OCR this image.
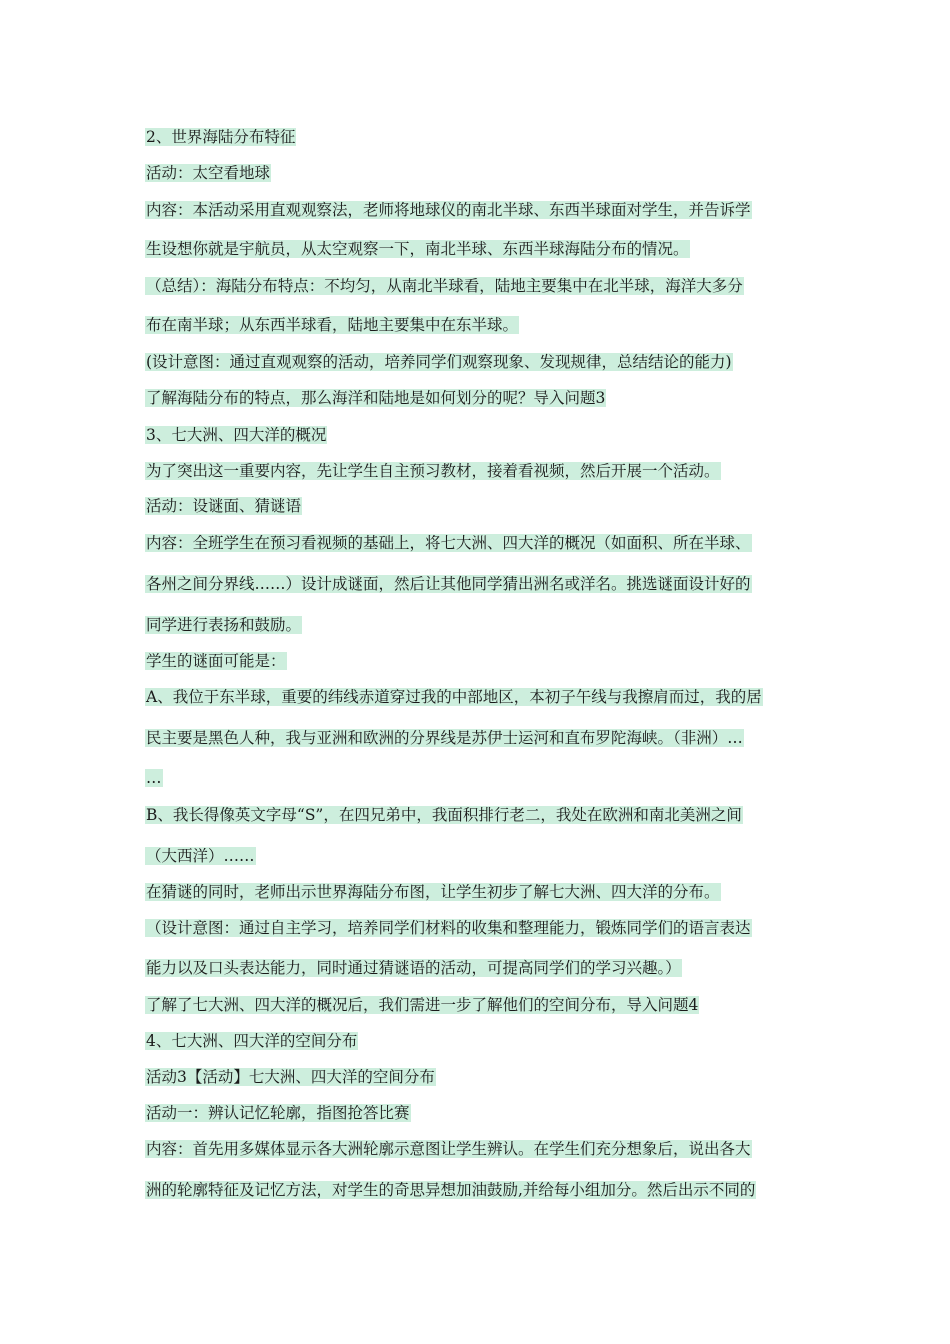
2、世界海陆分布特征
活动：太空看地球
内容：本活动采用直观观察法，老师将地球仪的南北半球、东西半球面对学生，并告诉学
生设想你就是宇航员，从太空观察一下，南北半球、东西半球海陆分布的情况。
（总结）：海陆分布特点：不均匀，从南北半球看，陆地主要集中在北半球，海洋大多分
布在南半球；从东西半球看，陆地主要集中在东半球。
(设计意图：通过直观观察的活动，培养同学们观察现象、发现规律，总结结论的能力)
了解海陆分布的特点，那么海洋和陆地是如何划分的呢？导入问题3
3、七大洲、四大洋的概况
为了突出这一重要内容，先让学生自主预习教材，接着看视频，然后开展一个活动。
活动：设谜面、猜谜语
内容：全班学生在预习看视频的基础上，将七大洲、四大洋的概况（如面积、所在半球、
各州之间分界线……）设计成谜面，然后让其他同学猜出洲名或洋名。挑选谜面设计好的
同学进行表扬和鼓励。
学生的谜面可能是：
A、我位于东半球，重要的纬线赤道穿过我的中部地区，本初子午线与我擦肩而过，我的居
民主要是黑色人种，我与亚洲和欧洲的分界线是苏伊士运河和直布罗陀海峡。（非洲）…
…
B、我长得像英文字母“S”，在四兄弟中，我面积排行老二，我处在欧洲和南北美洲之间
（大西洋）……
在猜谜的同时，老师出示世界海陆分布图，让学生初步了解七大洲、四大洋的分布。
（设计意图：通过自主学习，培养同学们材料的收集和整理能力，锻炼同学们的语言表达
能力以及口头表达能力，同时通过猜谜语的活动，可提高同学们的学习兴趣。）
了解了七大洲、四大洋的概况后，我们需进一步了解他们的空间分布，导入问题4
4、七大洲、四大洋的空间分布
活动3【活动】七大洲、四大洋的空间分布
活动一：辨认记忆轮廓，指图抢答比赛
内容：首先用多媒体显示各大洲轮廓示意图让学生辨认。在学生们充分想象后，说出各大
洲的轮廓特征及记忆方法，对学生的奇思异想加油鼓励,并给每小组加分。然后出示不同的
